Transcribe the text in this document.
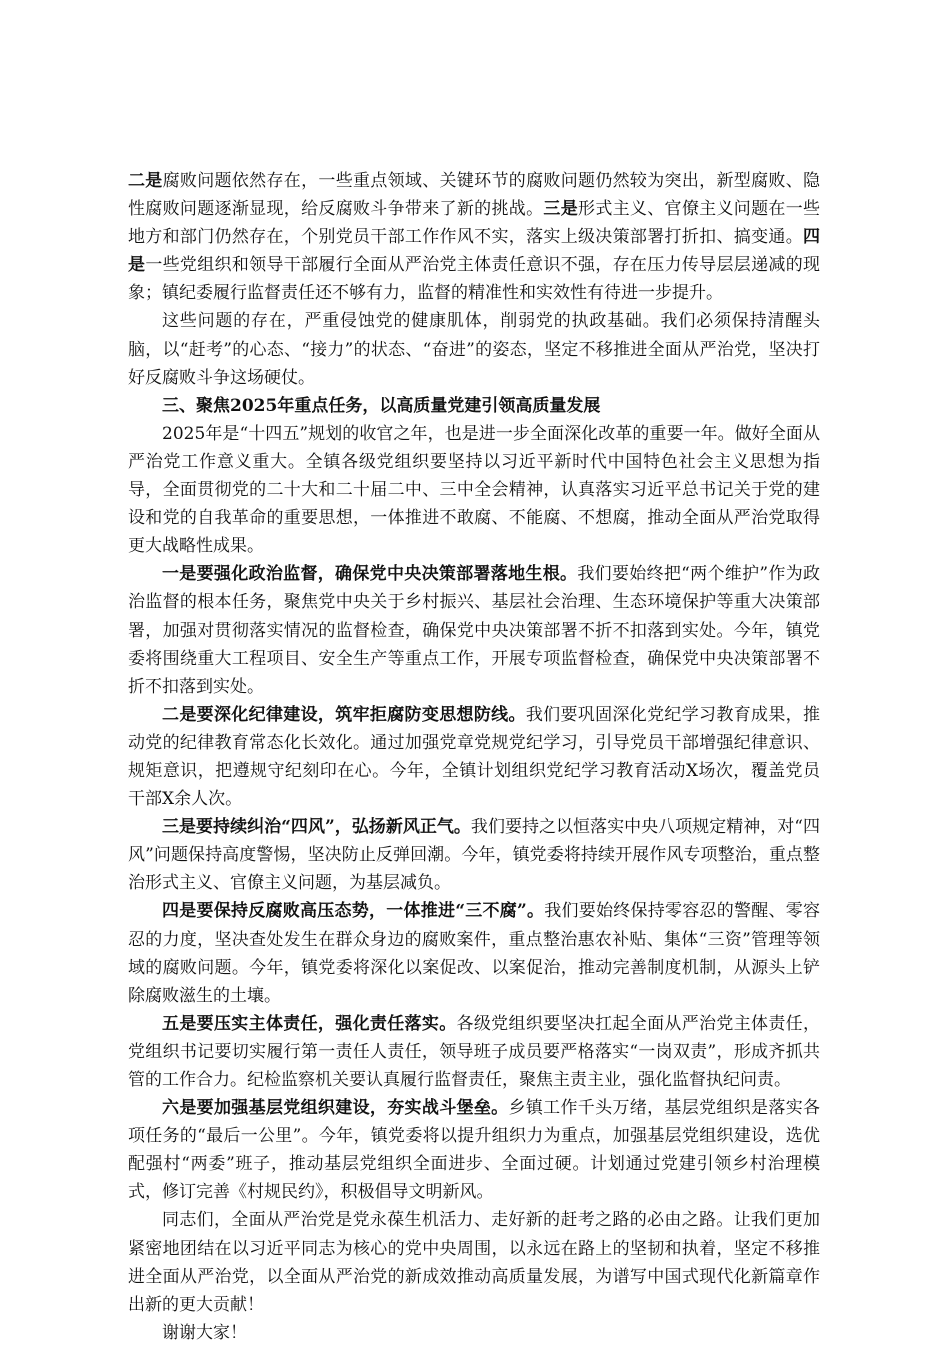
二是腐败问题依然存在，一些重点领域、关键环节的腐败问题仍然较为突出，新型腐败、隐性腐败问题逐渐显现，给反腐败斗争带来了新的挑战。三是形式主义、官僚主义问题在一些地方和部门仍然存在，个别党员干部工作作风不实，落实上级决策部署打折扣、搞变通。四是一些党组织和领导干部履行全面从严治党主体责任意识不强，存在压力传导层层递减的现象；镇纪委履行监督责任还不够有力，监督的精准性和实效性有待进一步提升。

这些问题的存在，严重侵蚀党的健康肌体，削弱党的执政基础。我们必须保持清醒头脑，以“赶考”的心态、“接力”的状态、“奋进”的姿态，坚定不移推进全面从严治党，坚决打好反腐败斗争这场硬仗。

三、聚焦2025年重点任务，以高质量党建引领高质量发展

2025年是“十四五”规划的收官之年，也是进一步全面深化改革的重要一年。做好全面从严治党工作意义重大。全镇各级党组织要坚持以习近平新时代中国特色社会主义思想为指导，全面贯彻党的二十大和二十届二中、三中全会精神，认真落实习近平总书记关于党的建设和党的自我革命的重要思想，一体推进不敢腐、不能腐、不想腐，推动全面从严治党取得更大战略性成果。

一是要强化政治监督，确保党中央决策部署落地生根。我们要始终把“两个维护”作为政治监督的根本任务，聚焦党中央关于乡村振兴、基层社会治理、生态环境保护等重大决策部署，加强对贯彻落实情况的监督检查，确保党中央决策部署不折不扣落到实处。今年，镇党委将围绕重大工程项目、安全生产等重点工作，开展专项监督检查，确保党中央决策部署不折不扣落到实处。

二是要深化纪律建设，筑牢拒腐防变思想防线。我们要巩固深化党纪学习教育成果，推动党的纪律教育常态化长效化。通过加强党章党规党纪学习，引导党员干部增强纪律意识、规矩意识，把遵规守纪刻印在心。今年，全镇计划组织党纪学习教育活动X场次，覆盖党员干部X余人次。

三是要持续纠治“四风”，弘扬新风正气。我们要持之以恒落实中央八项规定精神，对“四风”问题保持高度警惕，坚决防止反弹回潮。今年，镇党委将持续开展作风专项整治，重点整治形式主义、官僚主义问题，为基层减负。

四是要保持反腐败高压态势，一体推进“三不腐”。我们要始终保持零容忍的警醒、零容忍的力度，坚决查处发生在群众身边的腐败案件，重点整治惠农补贴、集体“三资”管理等领域的腐败问题。今年，镇党委将深化以案促改、以案促治，推动完善制度机制，从源头上铲除腐败滋生的土壤。

五是要压实主体责任，强化责任落实。各级党组织要坚决扛起全面从严治党主体责任，党组织书记要切实履行第一责任人责任，领导班子成员要严格落实“一岗双责”，形成齐抓共管的工作合力。纪检监察机关要认真履行监督责任，聚焦主责主业，强化监督执纪问责。

六是要加强基层党组织建设，夯实战斗堡垒。乡镇工作千头万绪，基层党组织是落实各项任务的“最后一公里”。今年，镇党委将以提升组织力为重点，加强基层党组织建设，选优配强村“两委”班子，推动基层党组织全面进步、全面过硬。计划通过党建引领乡村治理模式，修订完善《村规民约》，积极倡导文明新风。

同志们，全面从严治党是党永葆生机活力、走好新的赶考之路的必由之路。让我们更加紧密地团结在以习近平同志为核心的党中央周围，以永远在路上的坚韧和执着，坚定不移推进全面从严治党，以全面从严治党的新成效推动高质量发展，为谱写中国式现代化新篇章作出新的更大贡献！

谢谢大家！
